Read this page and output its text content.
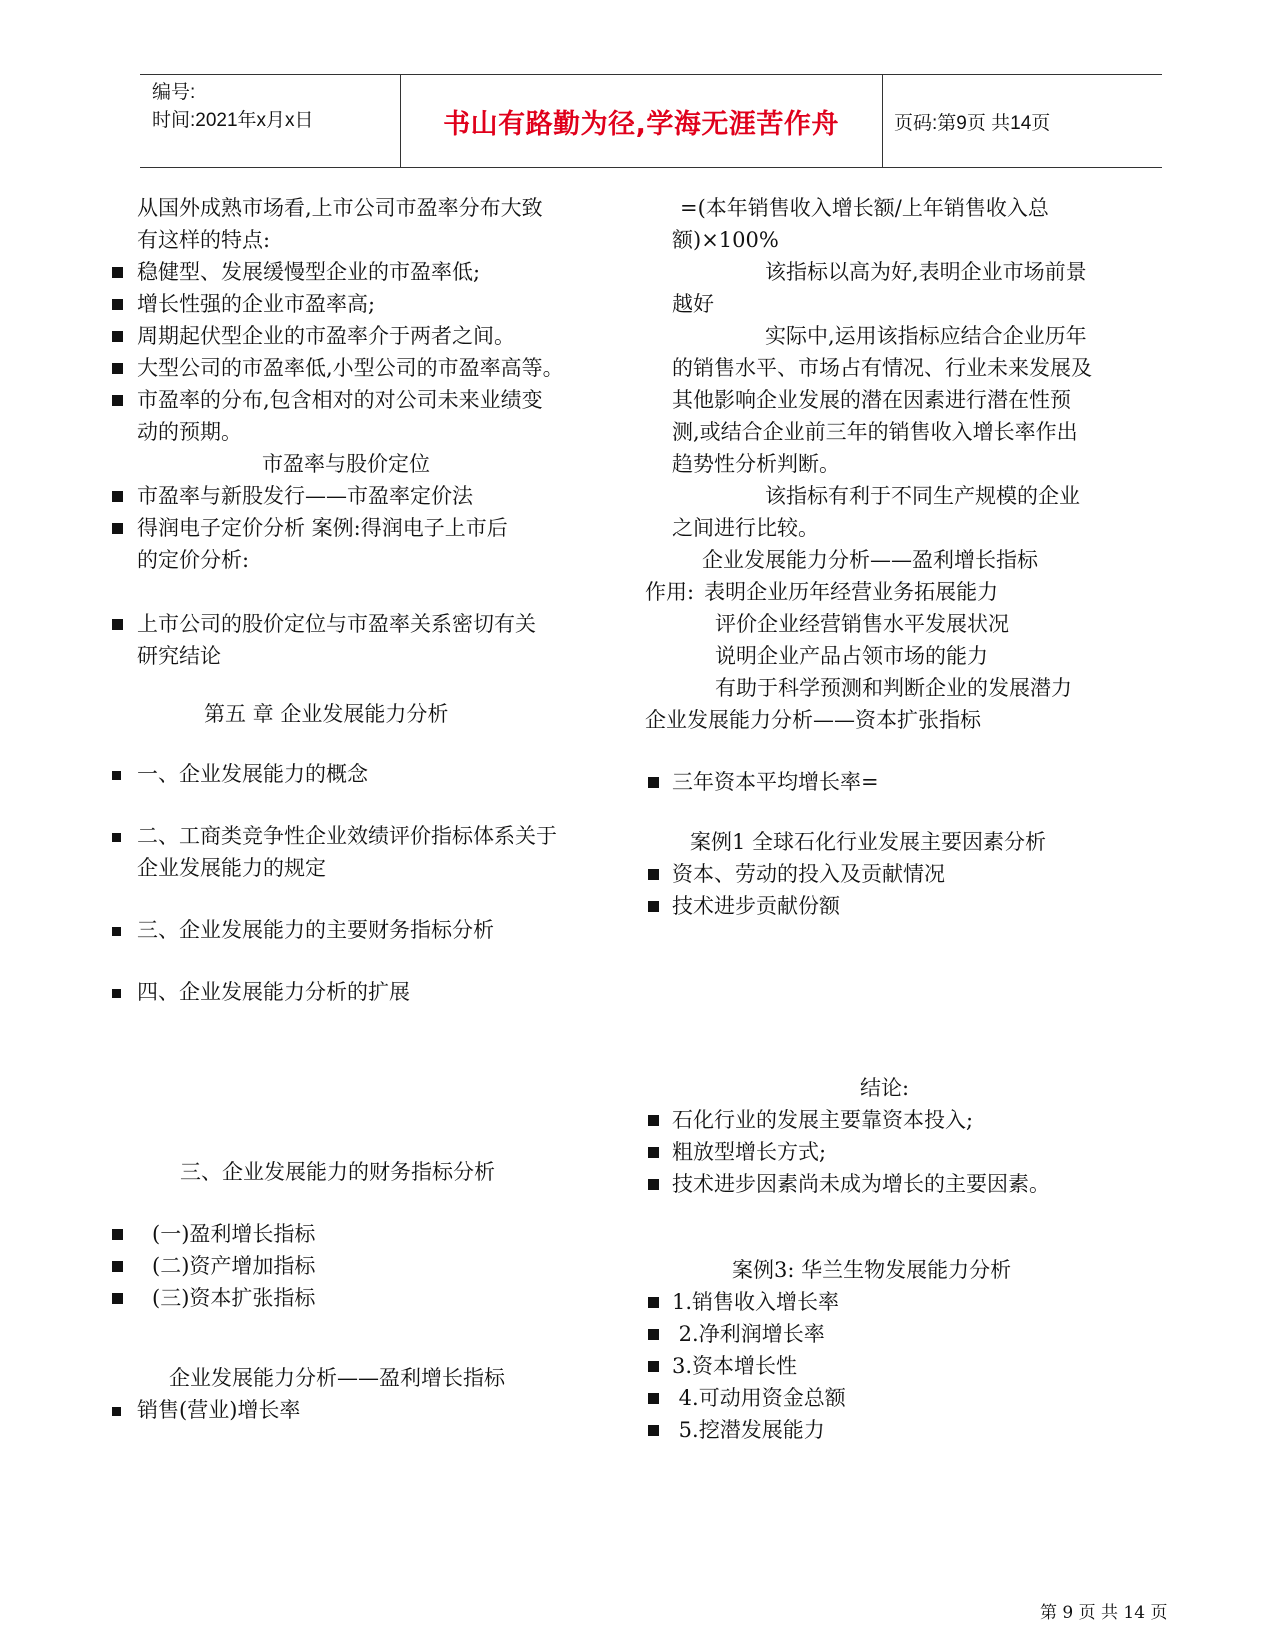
编号:
时间:2021年x月x日	书山有路勤为径,学海无涯苦作舟	页码:第9页 共14页
从国外成熟市场看,上市公司市盈率分布大致
有这样的特点:
稳健型、发展缓慢型企业的市盈率低;
增长性强的企业市盈率高;
周期起伏型企业的市盈率介于两者之间。
大型公司的市盈率低,小型公司的市盈率高等。
市盈率的分布,包含相对的对公司未来业绩变
动的预期。
市盈率与股价定位
市盈率与新股发行——市盈率定价法
得润电子定价分析 案例:得润电子上市后
的定价分析:
上市公司的股价定位与市盈率关系密切有关
研究结论
第五 章 企业发展能力分析
一、企业发展能力的概念
二、工商类竞争性企业效绩评价指标体系关于
企业发展能力的规定
三、企业发展能力的主要财务指标分析
四、企业发展能力分析的扩展
三、企业发展能力的财务指标分析
(一)盈利增长指标
(二)资产增加指标
(三)资本扩张指标
企业发展能力分析——盈利增长指标
销售(营业)增长率
=(本年销售收入增长额/上年销售收入总
额)×100%
该指标以高为好,表明企业市场前景
越好
实际中,运用该指标应结合企业历年
的销售水平、市场占有情况、行业未来发展及
其他影响企业发展的潜在因素进行潜在性预
测,或结合企业前三年的销售收入增长率作出
趋势性分析判断。
该指标有利于不同生产规模的企业
之间进行比较。
企业发展能力分析——盈利增长指标
作用: 表明企业历年经营业务拓展能力
评价企业经营销售水平发展状况
说明企业产品占领市场的能力
有助于科学预测和判断企业的发展潜力
企业发展能力分析——资本扩张指标
三年资本平均增长率=
案例1 全球石化行业发展主要因素分析
资本、劳动的投入及贡献情况
技术进步贡献份额
结论:
石化行业的发展主要靠资本投入;
粗放型增长方式;
技术进步因素尚未成为增长的主要因素。
案例3: 华兰生物发展能力分析
1.销售收入增长率
2.净利润增长率
3.资本增长性
4.可动用资金总额
5.挖潜发展能力
第 9 页 共 14 页
